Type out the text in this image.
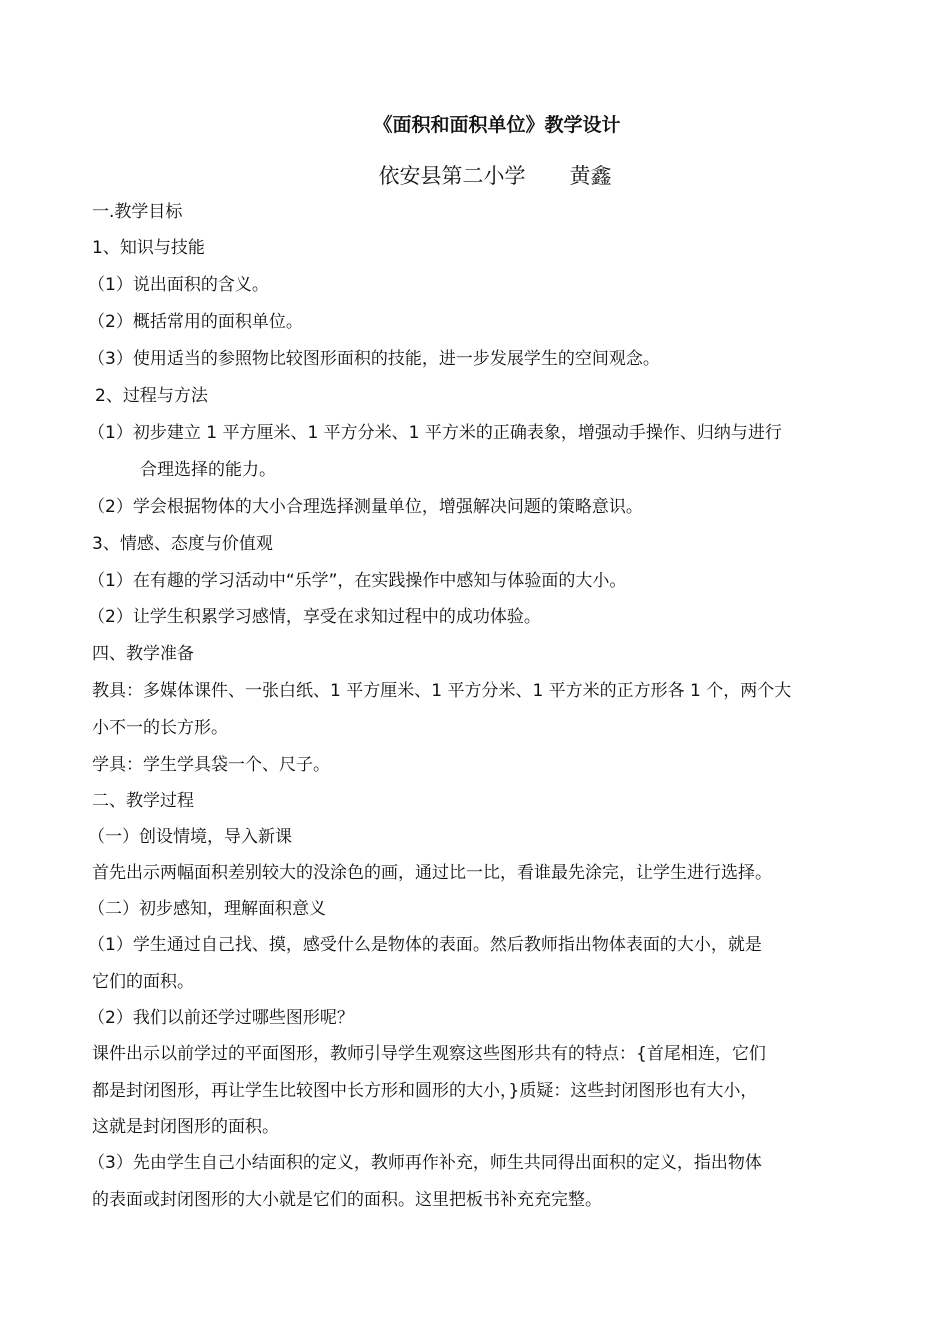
《面积和面积单位》教学设计
依安县第二小学 黄鑫
一.教学目标
1、知识与技能
（1）说出面积的含义。
（2）概括常用的面积单位。
（3）使用适当的参照物比较图形面积的技能，进一步发展学生的空间观念。
2、过程与方法
（1）初步建立 1 平方厘米、1 平方分米、1 平方米的正确表象，增强动手操作、归纳与进行
合理选择的能力。
（2）学会根据物体的大小合理选择测量单位，增强解决问题的策略意识。
3、情感、态度与价值观
（1）在有趣的学习活动中“乐学”，在实践操作中感知与体验面的大小。
（2）让学生积累学习感情，享受在求知过程中的成功体验。
四、教学准备
教具：多媒体课件、一张白纸、1 平方厘米、1 平方分米、1 平方米的正方形各 1 个，两个大
小不一的长方形。
学具：学生学具袋一个、尺子。
二、教学过程
（一）创设情境，导入新课
首先出示两幅面积差别较大的没涂色的画，通过比一比，看谁最先涂完，让学生进行选择。
（二）初步感知，理解面积意义
（1）学生通过自己找、摸，感受什么是物体的表面。然后教师指出物体表面的大小，就是
它们的面积。
（2）我们以前还学过哪些图形呢？
课件出示以前学过的平面图形，教师引导学生观察这些图形共有的特点：{首尾相连，它们
都是封闭图形，再让学生比较图中长方形和圆形的大小，}质疑：这些封闭图形也有大小，
这就是封闭图形的面积。
（3）先由学生自己小结面积的定义，教师再作补充，师生共同得出面积的定义，指出物体
的表面或封闭图形的大小就是它们的面积。这里把板书补充充完整。
